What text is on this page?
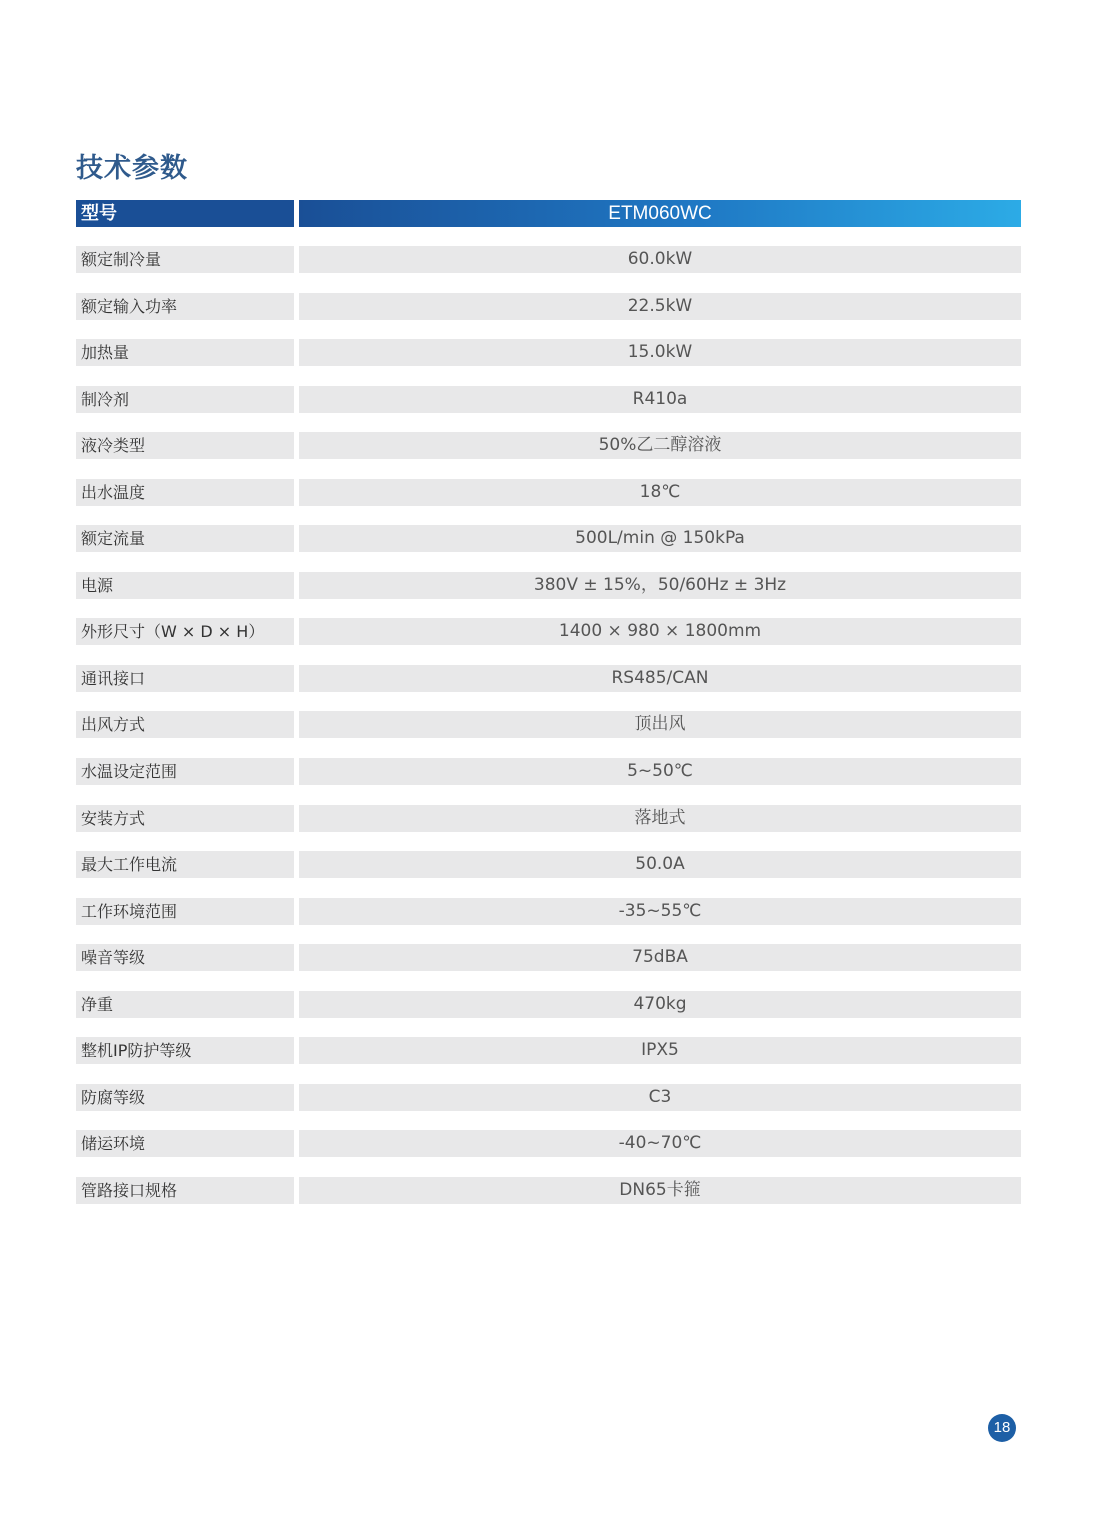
技术参数
型号	ETM060WC
额定制冷量	60.0kW
额定输入功率	22.5kW
加热量	15.0kW
制冷剂	R410a
液冷类型	50%乙二醇溶液
出水温度	18℃
额定流量	500L/min @ 150kPa
电源	380V ± 15%，50/60Hz ± 3Hz
外形尺寸（W × D × H）	1400 × 980 × 1800mm
通讯接口	RS485/CAN
出风方式	顶出风
水温设定范围	5~50℃
安装方式	落地式
最大工作电流	50.0A
工作环境范围	-35~55℃
噪音等级	75dBA
净重	470kg
整机IP防护等级	IPX5
防腐等级	C3
储运环境	-40~70℃
管路接口规格	DN65卡箍
18
